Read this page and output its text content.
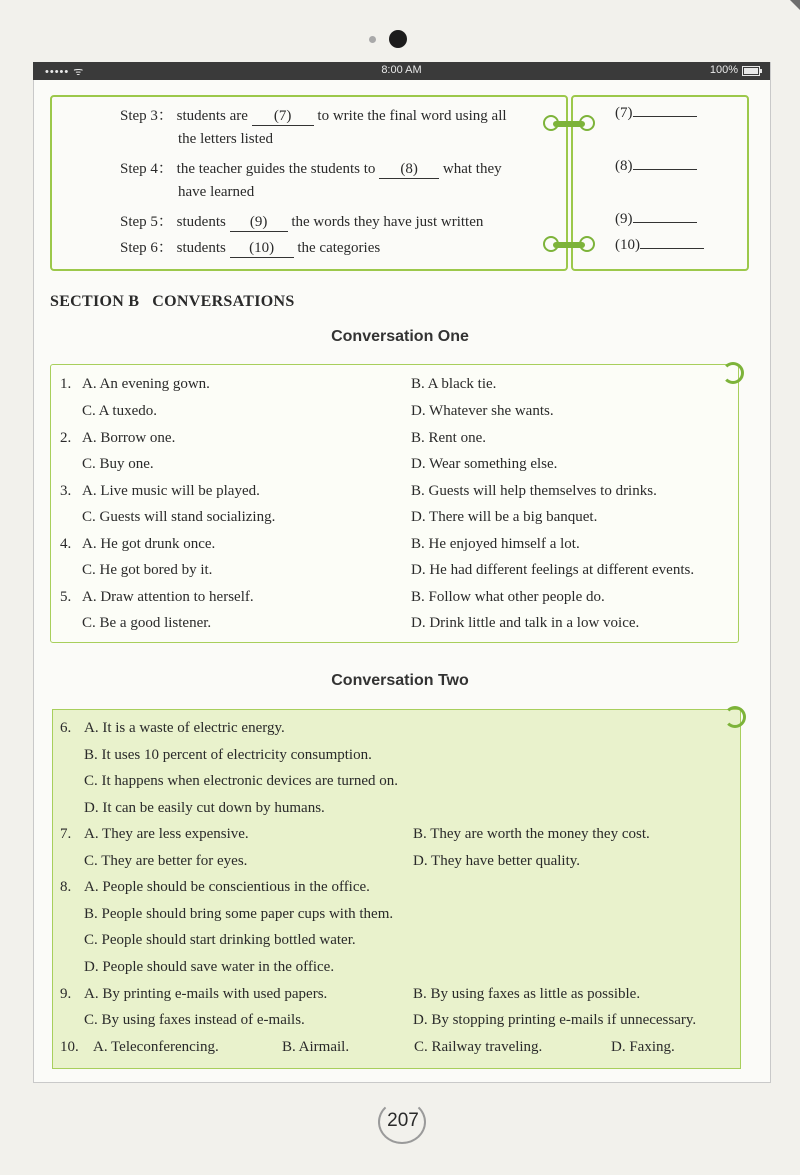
••••• ᯤ	8:00 AM	100%
Step 3： students are (7) to write the final word using all
the letters listed
Step 4： the teacher guides the students to (8) what they
have learned
Step 5： students (9) the words they have just written
Step 6： students (10) the categories
(7)
(8)
(9)
(10)
SECTION B   CONVERSATIONS
Conversation One
1. A. An evening gown.	B. A black tie.
C. A tuxedo.	D. Whatever she wants.
2. A. Borrow one.	B. Rent one.
C. Buy one.	D. Wear something else.
3. A. Live music will be played.	B. Guests will help themselves to drinks.
C. Guests will stand socializing.	D. There will be a big banquet.
4. A. He got drunk once.	B. He enjoyed himself a lot.
C. He got bored by it.	D. He had different feelings at different events.
5. A. Draw attention to herself.	B. Follow what other people do.
C. Be a good listener.	D. Drink little and talk in a low voice.
Conversation Two
6. A. It is a waste of electric energy.
B. It uses 10 percent of electricity consumption.
C. It happens when electronic devices are turned on.
D. It can be easily cut down by humans.
7. A. They are less expensive.	B. They are worth the money they cost.
C. They are better for eyes.	D. They have better quality.
8. A. People should be conscientious in the office.
B. People should bring some paper cups with them.
C. People should start drinking bottled water.
D. People should save water in the office.
9. A. By printing e-mails with used papers.	B. By using faxes as little as possible.
C. By using faxes instead of e-mails.	D. By stopping printing e-mails if unnecessary.
10. A. Teleconferencing.	B. Airmail.	C. Railway traveling.	D. Faxing.
207
